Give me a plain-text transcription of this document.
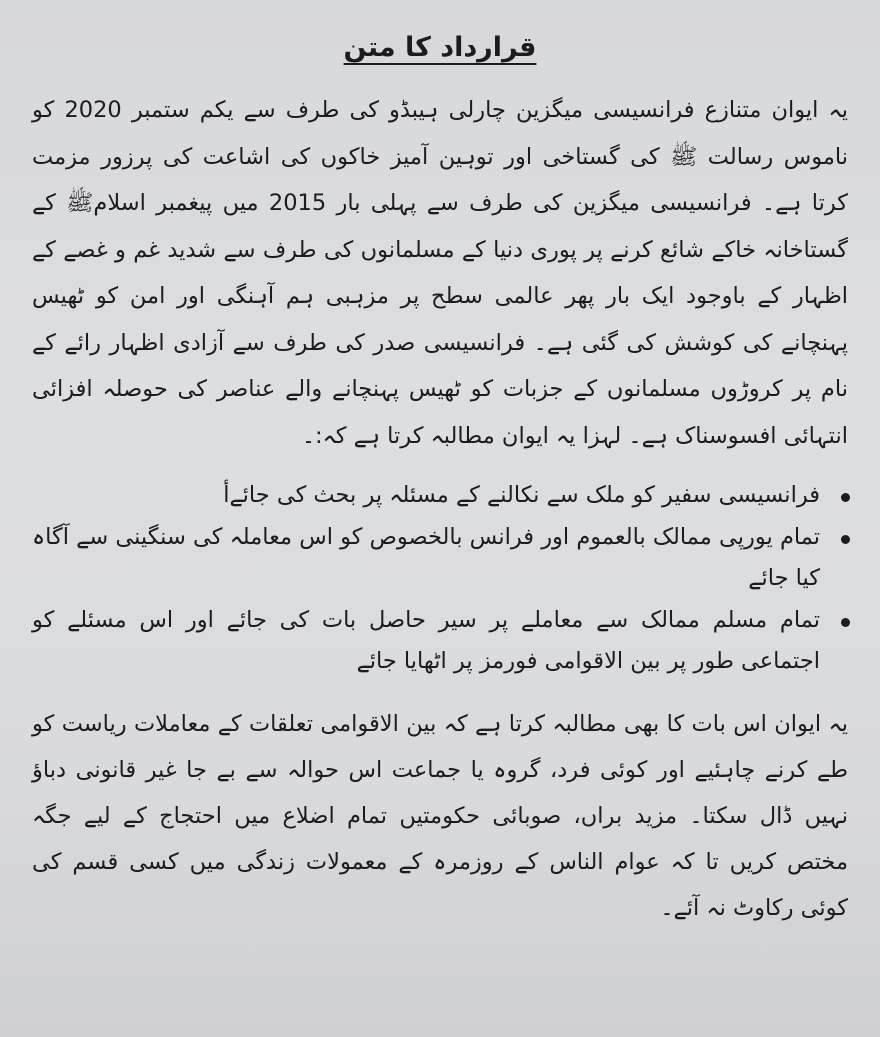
قرارداد کا متن

یہ ایوان متنازع فرانسیسی میگزین چارلی ہیبڈو کی طرف سے یکم ستمبر 2020 کو ناموس رسالت ﷺ کی گستاخی اور توہین آمیز خاکوں کی اشاعت کی پرزور مزمت کرتا ہے۔ فرانسیسی میگزین کی طرف سے پہلی بار 2015 میں پیغمبر اسلامﷺ کے گستاخانہ خاکے شائع کرنے پر پوری دنیا کے مسلمانوں کی طرف سے شدید غم و غصے کے اظہار کے باوجود ایک بار پھر عالمی سطح پر مزہبی ہم آہنگی اور امن کو ٹھیس پہنچانے کی کوشش کی گئی ہے۔ فرانسیسی صدر کی طرف سے آزادی اظہار رائے کے نام پر کروڑوں مسلمانوں کے جزبات کو ٹھیس پہنچانے والے عناصر کی حوصلہ افزائی انتہائی افسوسناک ہے۔ لہزا یہ ایوان مطالبہ کرتا ہے کہ:۔

فرانسیسی سفیر کو ملک سے نکالنے کے مسئلہ پر بحث کی جائےأ
تمام یورپی ممالک بالعموم اور فرانس بالخصوص کو اس معاملہ کی سنگینی سے آگاہ کیا جائے
تمام مسلم ممالک سے معاملے پر سیر حاصل بات کی جائے اور اس مسئلے کو اجتماعی طور پر بین الاقوامی فورمز پر اٹھایا جائے

یہ ایوان اس بات کا بھی مطالبہ کرتا ہے کہ بین الاقوامی تعلقات کے معاملات ریاست کو طے کرنے چاہئیے اور کوئی فرد، گروہ یا جماعت اس حوالہ سے بے جا غیر قانونی دباؤ نہیں ڈال سکتا۔ مزید براں، صوبائی حکومتیں تمام اضلاع میں احتجاج کے لیے جگہ مختص کریں تا کہ عوام الناس کے روزمرہ کے معمولات زندگی میں کسی قسم کی کوئی رکاوٹ نہ آئے۔
